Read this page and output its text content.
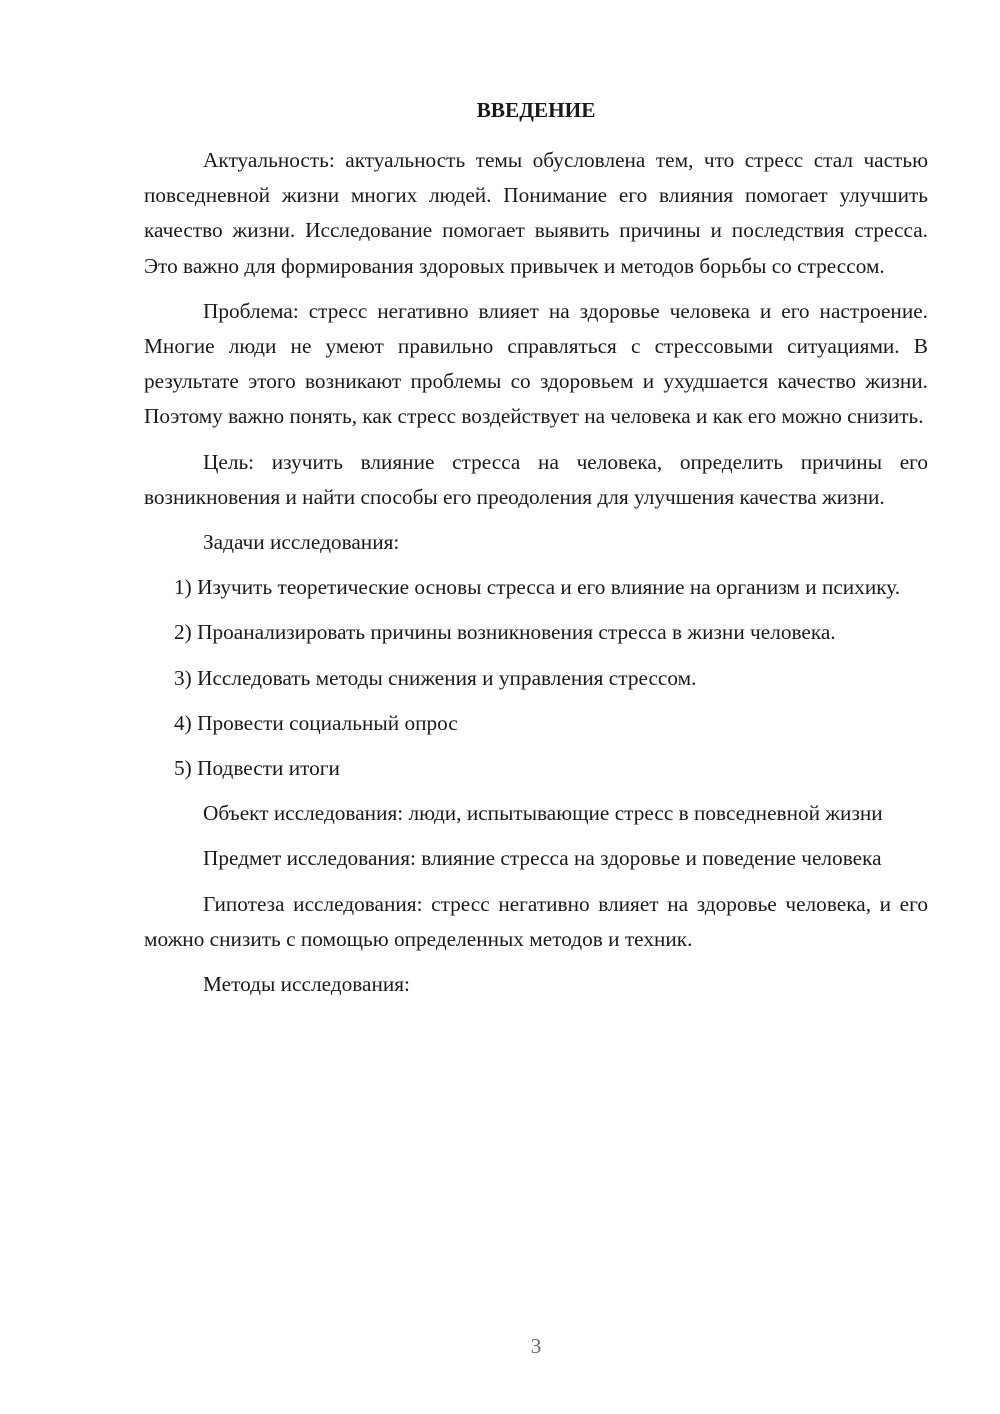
ВВЕДЕНИЕ

Актуальность: актуальность темы обусловлена тем, что стресс стал частью повседневной жизни многих людей. Понимание его влияния помогает улучшить качество жизни. Исследование помогает выявить причины и последствия стресса. Это важно для формирования здоровых привычек и методов борьбы со стрессом.

Проблема: стресс негативно влияет на здоровье человека и его настроение. Многие люди не умеют правильно справляться с стрессовыми ситуациями. В результате этого возникают проблемы со здоровьем и ухудшается качество жизни. Поэтому важно понять, как стресс воздействует на человека и как его можно снизить.

Цель: изучить влияние стресса на человека, определить причины его возникновения и найти способы его преодоления для улучшения качества жизни.

Задачи исследования:

1) Изучить теоретические основы стресса и его влияние на организм и психику.

2) Проанализировать причины возникновения стресса в жизни человека.

3) Исследовать методы снижения и управления стрессом.

4) Провести социальный опрос

5) Подвести итоги

Объект исследования: люди, испытывающие стресс в повседневной жизни

Предмет исследования: влияние стресса на здоровье и поведение человека

Гипотеза исследования: стресс негативно влияет на здоровье человека, и его можно снизить с помощью определенных методов и техник.

Методы исследования:

3
